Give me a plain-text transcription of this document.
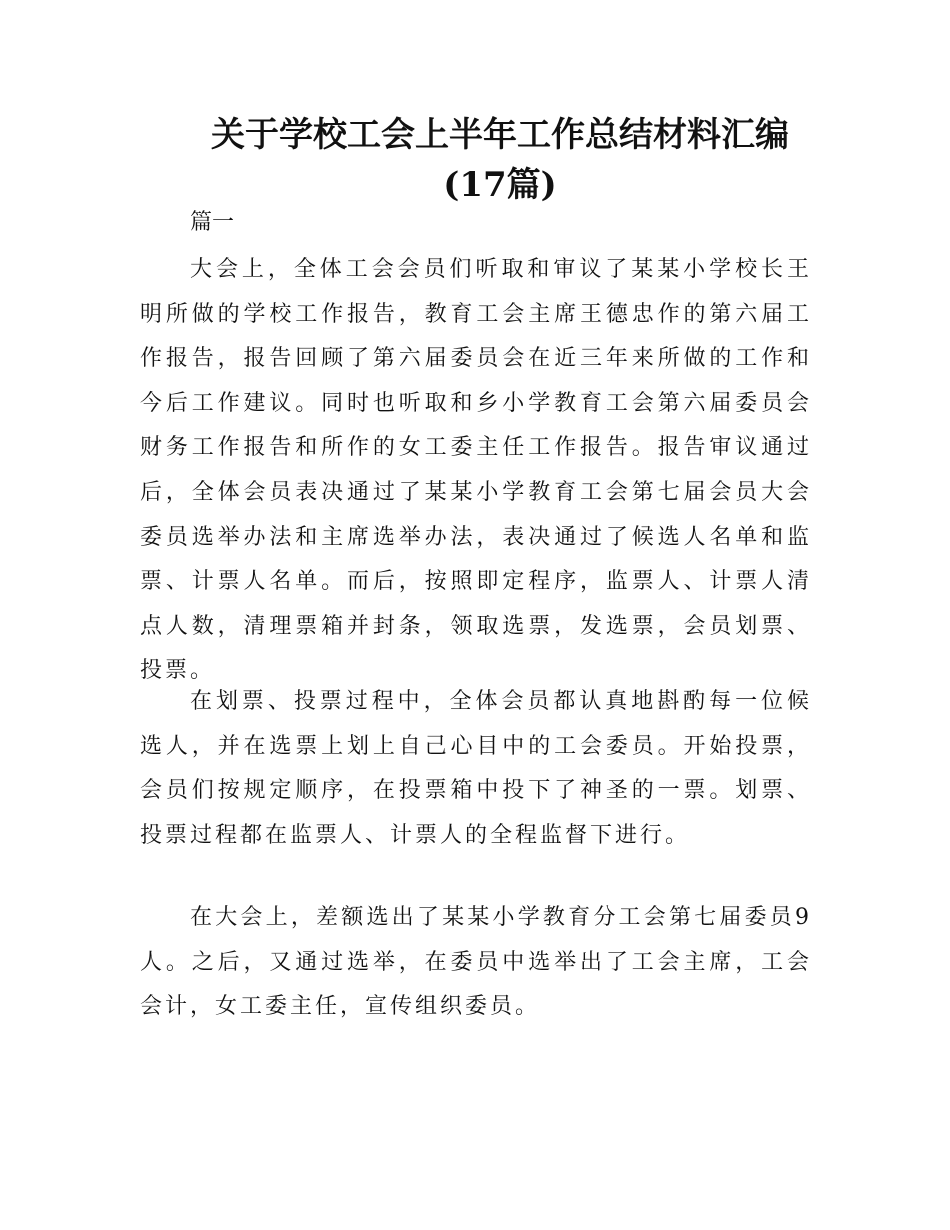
关于学校工会上半年工作总结材料汇编
(17篇)

篇一

大会上，全体工会会员们听取和审议了某某小学校长王明所做的学校工作报告，教育工会主席王德忠作的第六届工作报告，报告回顾了第六届委员会在近三年来所做的工作和今后工作建议。同时也听取和乡小学教育工会第六届委员会财务工作报告和所作的女工委主任工作报告。报告审议通过后，全体会员表决通过了某某小学教育工会第七届会员大会委员选举办法和主席选举办法，表决通过了候选人名单和监票、计票人名单。而后，按照即定程序，监票人、计票人清点人数，清理票箱并封条，领取选票，发选票，会员划票、投票。

在划票、投票过程中，全体会员都认真地斟酌每一位候选人，并在选票上划上自己心目中的工会委员。开始投票，会员们按规定顺序，在投票箱中投下了神圣的一票。划票、投票过程都在监票人、计票人的全程监督下进行。

在大会上，差额选出了某某小学教育分工会第七届委员9人。之后，又通过选举，在委员中选举出了工会主席，工会会计，女工委主任，宣传组织委员。
